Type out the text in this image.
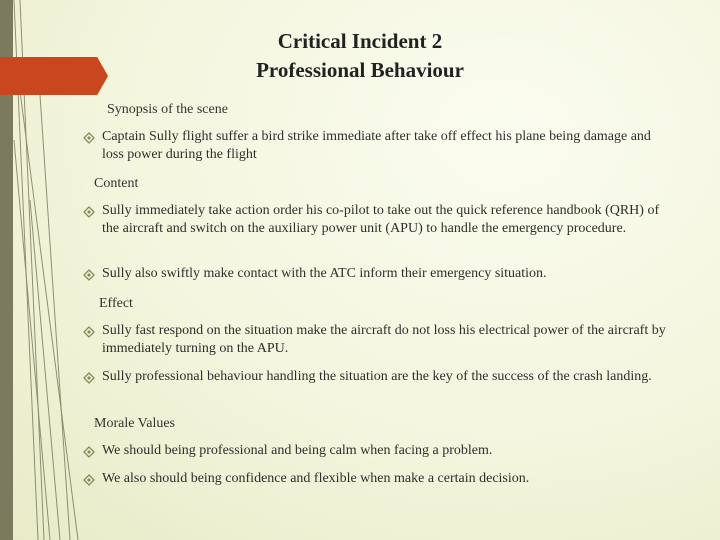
Critical Incident 2
Professional Behaviour
Synopsis of the scene
Captain Sully flight suffer a bird strike immediate after take off effect his plane being damage and loss power during the flight
Content
Sully immediately take action order his co-pilot to take out the quick reference handbook (QRH) of the aircraft and switch on the auxiliary power unit (APU) to handle the emergency procedure.
Sully also swiftly make contact with the ATC inform their emergency situation.
Effect
Sully fast respond on the situation make the aircraft do not loss his electrical power of the aircraft by immediately turning on the APU.
Sully professional behaviour handling the situation are the key of the success of the crash landing.
Morale Values
We should being professional and being calm when facing a problem.
We also should being confidence and flexible when make a certain decision.
